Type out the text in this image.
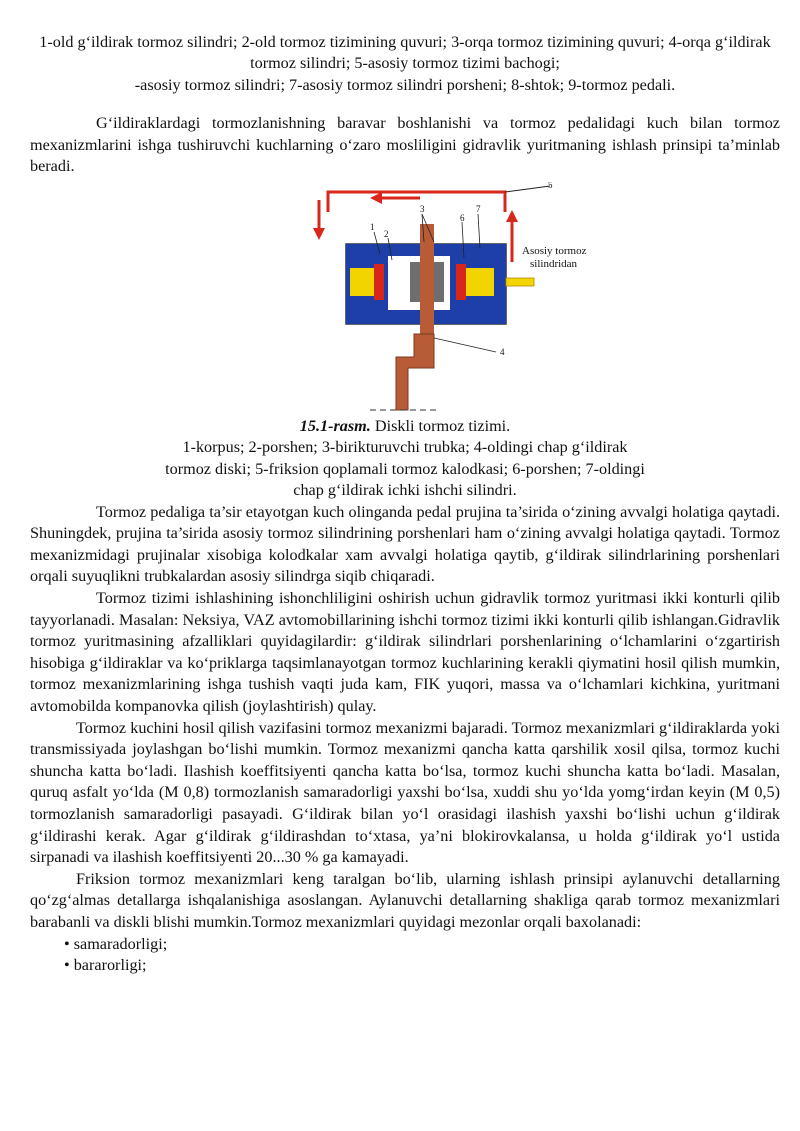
1-old g‘ildirak tormoz silindri; 2-old tormoz tizimining quvuri; 3-orqa tormoz tizimining quvuri; 4-orqa g‘ildirak tormoz silindri; 5-asosiy tormoz tizimi bachogi;
-asosiy tormoz silindri; 7-asosiy tormoz silindri porsheni; 8-shtok; 9-tormoz pedali.

G‘ildiraklardagi tormozlanishning baravar boshlanishi va tormoz pedalidagi kuch bilan tormoz mexanizmlarini ishga tushiruvchi kuchlarning o‘zaro mosliligini gidravlik yuritmaning ishlash prinsipi ta’minlab beradi.

1
2
3
4
5
6
7
Asosiy tormoz silindridan
15.1-rasm. Diskli tormoz tizimi.
1-korpus; 2-porshen; 3-birikturuvchi trubka; 4-oldingi chap g‘ildirak
tormoz diski; 5-friksion qoplamali tormoz kalodkasi; 6-porshen; 7-oldingi
chap g‘ildirak ichki ishchi silindri.

Tormoz pedaliga ta’sir etayotgan kuch olinganda pedal prujina ta’sirida o‘zining avvalgi holatiga qaytadi. Shuningdek, prujina ta’sirida asosiy tormoz silindrining porshenlari ham o‘zining avvalgi holatiga qaytadi. Tormoz mexanizmidagi prujinalar xisobiga kolodkalar xam avvalgi holatiga qaytib, g‘ildirak silindrlarining porshenlari orqali suyuqlikni trubkalardan asosiy silindrga siqib chiqaradi.

Tormoz tizimi ishlashining ishonchliligini oshirish uchun gidravlik tormoz yuritmasi ikki konturli qilib tayyorlanadi. Masalan: Neksiya, VAZ avtomobillarining ishchi tormoz tizimi ikki konturli qilib ishlangan.Gidravlik tormoz yuritmasining afzalliklari quyidagilardir: g‘ildirak silindrlari porshenlarining o‘lchamlarini o‘zgartirish hisobiga g‘ildiraklar va ko‘priklarga taqsimlanayotgan tormoz kuchlarining kerakli qiymatini hosil qilish mumkin, tormoz mexanizmlarining ishga tushish vaqti juda kam, FIK yuqori, massa va o‘lchamlari kichkina, yuritmani avtomobilda kompanovka qilish (joylashtirish) qulay.

Tormoz kuchini hosil qilish vazifasini tormoz mexanizmi bajaradi. Tormoz mexanizmlari g‘ildiraklarda yoki transmissiyada joylashgan bo‘lishi mumkin. Tormoz mexanizmi qancha katta qarshilik xosil qilsa, tormoz kuchi shuncha katta bo‘ladi. Ilashish koeffitsiyenti qancha katta bo‘lsa, tormoz kuchi shuncha katta bo‘ladi. Masalan, quruq asfalt yo‘lda (M 0,8) tormozlanish samaradorligi yaxshi bo‘lsa, xuddi shu yo‘lda yomg‘irdan keyin (M 0,5) tormozlanish samaradorligi pasayadi. G‘ildirak bilan yo‘l orasidagi ilashish yaxshi bo‘lishi uchun g‘ildirak g‘ildirashi kerak. Agar g‘ildirak g‘ildirashdan to‘xtasa, ya’ni blokirovkalansa, u holda g‘ildirak yo‘l ustida sirpanadi va ilashish koeffitsiyenti 20...30 % ga kamayadi.

Friksion tormoz mexanizmlari keng taralgan bo‘lib, ularning ishlash prinsipi aylanuvchi detallarning qo‘zg‘almas detallarga ishqalanishiga asoslangan. Aylanuvchi detallarning shakliga qarab tormoz mexanizmlari barabanli va diskli blishi mumkin.Tormoz mexanizmlari quyidagi mezonlar orqali baxolanadi:

• samaradorligi;

• bararorligi;
